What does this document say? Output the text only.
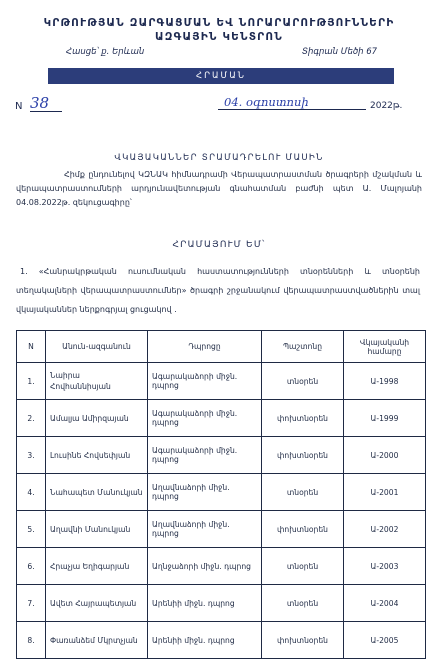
ԿՐԹՈՒԹՅԱՆ ԶԱՐԳԱՑՄԱՆ ԵՎ ՆՈՐԱՐԱՐՈՒԹՅՈՒՆՆԵՐԻ
ԱԶԳԱՅԻՆ ԿԵՆՏՐՈՆ
Հասցե՝ ք. Երևան	Տիգրան Մեծի 67
ՀՐԱՄԱՆ
N 38	04. օգոստոսի	2022թ.
ՎԿԱՅԱԿԱՆՆԵՐ ՏՐԱՄԱԴՐԵԼՈՒ ՄԱՍԻՆ
Հիմք ընդունելով ԿԶՆԱԿ հիմնադրամի Վերապատրաստման ծրագրերի մշակման և վերապատրաստումների արդյունավետության գնահատման բաժնի պետ Ա. Մալոյանի 04.08.2022թ. զեկուցագիրը՝
ՀՐԱՄԱՅՈՒՄ ԵՄ՝
1. «Հանրակրթական ուսումնական հաստատությունների տնօրենների և տնօրենի տեղակալների վերապատրաստումներ» ծրագրի շրջանակում վերապատրաստվածներին տալ վկայականներ ներքոգրյալ ցուցակով .
N	Անուն-ազգանուն	Դպրոցը	Պաշտոնը	Վկայականի համարը
1.	Նաիրա Հովհաննիսյան	Ագարակաձորի միջն. դպրոց	տնօրեն	Ա-1998
2.	Ամալյա Ամիրզայան	Ագարակաձորի միջն. դպրոց	փոխտնօրեն	Ա-1999
3.	Լուսինե Հովսեփյան	Ագարակաձորի միջն. դպրոց	փոխտնօրեն	Ա-2000
4.	Նահապետ Մանուկյան	Աղավնաձորի միջն. դպրոց	տնօրեն	Ա-2001
5.	Աղավնի Մանուկյան	Աղավնաձորի միջն. դպրոց	փոխտնօրեն	Ա-2002
6.	Հրաչյա Եղիգարյան	Աղնջաձորի միջն. դպրոց	տնօրեն	Ա-2003
7.	Ավետ Հայրապետյան	Արենիի միջն. դպրոց	տնօրեն	Ա-2004
8.	Փառանձեմ Մկրտչյան	Արենիի միջն. դպրոց	փոխտնօրեն	Ա-2005
